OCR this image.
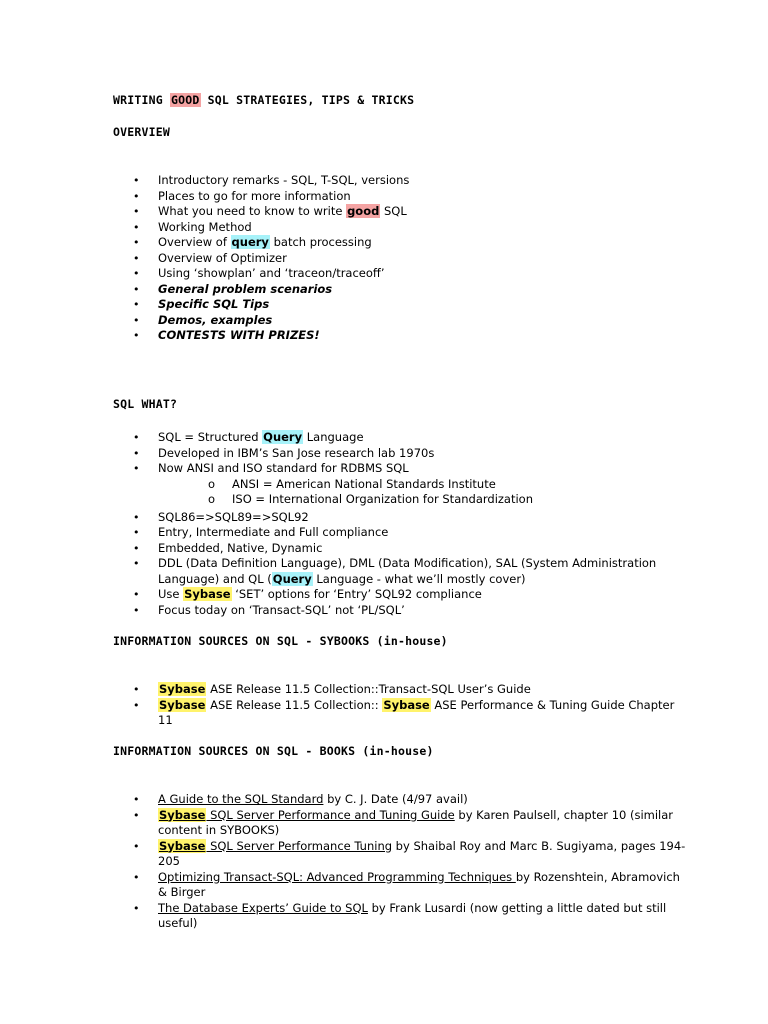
WRITING GOOD SQL STRATEGIES, TIPS & TRICKS

OVERVIEW

• Introductory remarks - SQL, T-SQL, versions
• Places to go for more information
• What you need to know to write good SQL
• Working Method
• Overview of query batch processing
• Overview of Optimizer
• Using ‘showplan’ and ‘traceon/traceoff’
• General problem scenarios
• Specific SQL Tips
• Demos, examples
• CONTESTS WITH PRIZES!

SQL WHAT?

• SQL = Structured Query Language
• Developed in IBM’s San Jose research lab 1970s
• Now ANSI and ISO standard for RDBMS SQL
o ANSI = American National Standards Institute
o ISO = International Organization for Standardization
• SQL86=>SQL89=>SQL92
• Entry, Intermediate and Full compliance
• Embedded, Native, Dynamic
• DDL (Data Definition Language), DML (Data Modification), SAL (System Administration Language) and QL (Query Language - what we’ll mostly cover)
• Use Sybase ‘SET’ options for ‘Entry’ SQL92 compliance
• Focus today on ‘Transact-SQL’ not ‘PL/SQL’

INFORMATION SOURCES ON SQL - SYBOOKS (in-house)

• Sybase ASE Release 11.5 Collection::Transact-SQL User’s Guide
• Sybase ASE Release 11.5 Collection:: Sybase ASE Performance & Tuning Guide Chapter 11

INFORMATION SOURCES ON SQL - BOOKS (in-house)

• A Guide to the SQL Standard by C. J. Date (4/97 avail)
• Sybase SQL Server Performance and Tuning Guide by Karen Paulsell, chapter 10 (similar content in SYBOOKS)
• Sybase SQL Server Performance Tuning by Shaibal Roy and Marc B. Sugiyama, pages 194-205
• Optimizing Transact-SQL: Advanced Programming Techniques by Rozenshtein, Abramovich & Birger
• The Database Experts’ Guide to SQL by Frank Lusardi (now getting a little dated but still useful)
